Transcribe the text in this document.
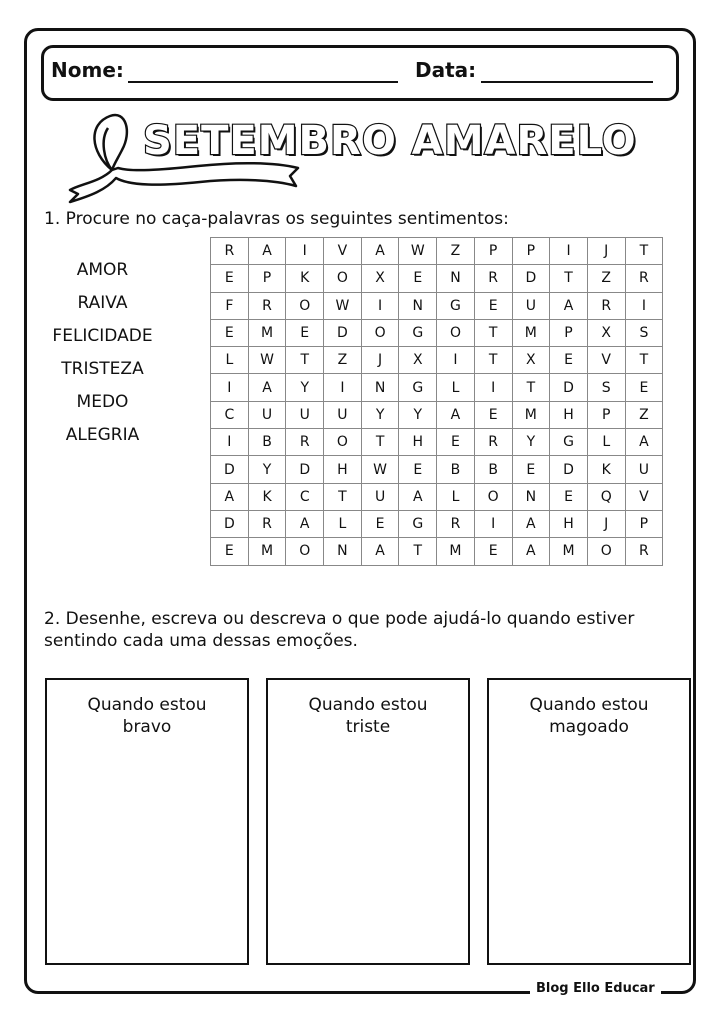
Nome:	Data:
SETEMBRO AMARELO
1. Procure no caça-palavras os seguintes sentimentos:
AMOR
RAIVA
FELICIDADE
TRISTEZA
MEDO
ALEGRIA
R	A	I	V	A	W	Z	P	P	I	J	T
E	P	K	O	X	E	N	R	D	T	Z	R
F	R	O	W	I	N	G	E	U	A	R	I
E	M	E	D	O	G	O	T	M	P	X	S
L	W	T	Z	J	X	I	T	X	E	V	T
I	A	Y	I	N	G	L	I	T	D	S	E
C	U	U	U	Y	Y	A	E	M	H	P	Z
I	B	R	O	T	H	E	R	Y	G	L	A
D	Y	D	H	W	E	B	B	E	D	K	U
A	K	C	T	U	A	L	O	N	E	Q	V
D	R	A	L	E	G	R	I	A	H	J	P
E	M	O	N	A	T	M	E	A	M	O	R
2. Desenhe, escreva ou descreva o que pode ajudá-lo quando estiver
sentindo cada uma dessas emoções.
Quando estou
bravo
Quando estou
triste
Quando estou
magoado
Blog Ello Educar
